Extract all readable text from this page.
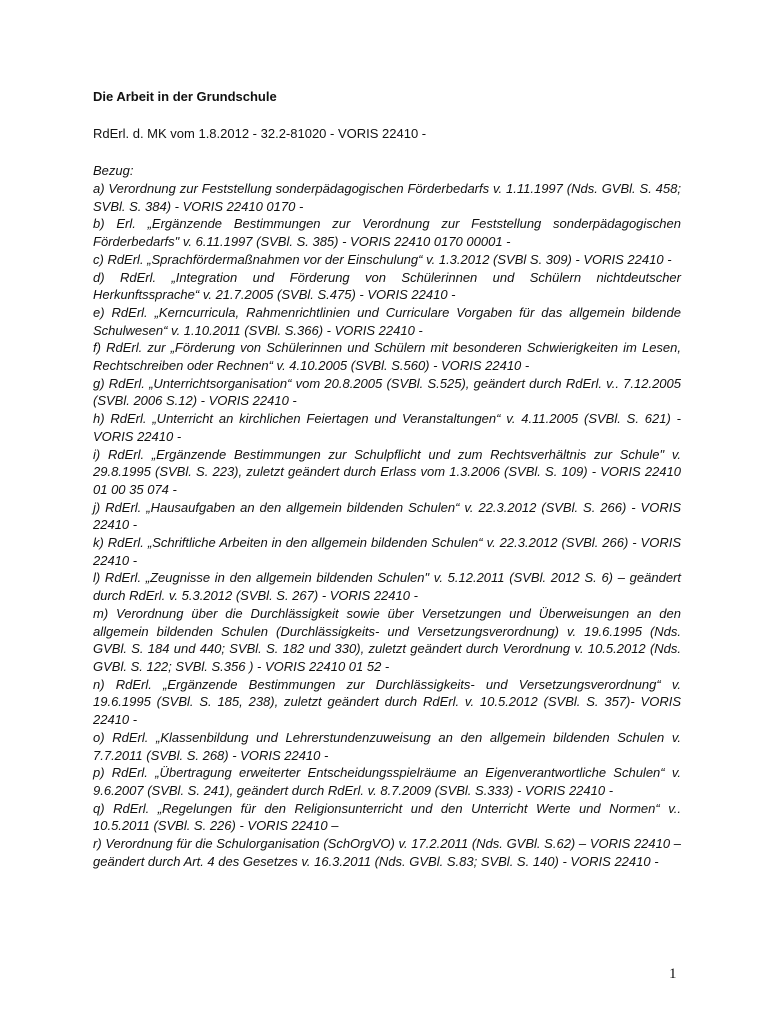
Die Arbeit in der Grundschule

RdErl. d. MK vom 1.8.2012 - 32.2-81020 - VORIS 22410 -

Bezug:

a) Verordnung zur Feststellung sonderpädagogischen Förderbedarfs v. 1.11.1997 (Nds. GVBl. S. 458; SVBl. S. 384) - VORIS 22410 0170 -
b) Erl. „Ergänzende Bestimmungen zur Verordnung zur Feststellung sonderpädagogischen Förderbedarfs" v. 6.11.1997 (SVBl. S. 385) - VORIS 22410 0170 00001 -
c) RdErl. „Sprachfördermaßnahmen vor der Einschulung“ v. 1.3.2012 (SVBl S. 309) - VORIS 22410 -
d) RdErl. „Integration und Förderung von Schülerinnen und Schülern nichtdeutscher Herkunftssprache“ v. 21.7.2005 (SVBl. S.475) - VORIS 22410 -
e) RdErl. „Kerncurricula, Rahmenrichtlinien und Curriculare Vorgaben für das allgemein bildende Schulwesen“ v. 1.10.2011 (SVBl. S.366) - VORIS 22410 -
f) RdErl. zur „Förderung von Schülerinnen und Schülern mit besonderen Schwierigkeiten im Lesen, Rechtschreiben oder Rechnen“ v. 4.10.2005 (SVBl. S.560) - VORIS 22410 -
g) RdErl. „Unterrichtsorganisation“ vom 20.8.2005 (SVBl. S.525), geändert durch RdErl. v.. 7.12.2005 (SVBl. 2006 S.12) - VORIS 22410 -
h) RdErl. „Unterricht an kirchlichen Feiertagen und Veranstaltungen“ v. 4.11.2005 (SVBl. S. 621) - VORIS 22410 -
i) RdErl. „Ergänzende Bestimmungen zur Schulpflicht und zum Rechtsverhältnis zur Schule" v. 29.8.1995 (SVBl. S. 223), zuletzt geändert durch Erlass vom 1.3.2006 (SVBl. S. 109) - VORIS 22410 01 00 35 074 -
j) RdErl. „Hausaufgaben an den allgemein bildenden Schulen“ v. 22.3.2012 (SVBl. S. 266) - VORIS 22410 -
k) RdErl. „Schriftliche Arbeiten in den allgemein bildenden Schulen“ v. 22.3.2012 (SVBl. 266) - VORIS 22410 -
l) RdErl. „Zeugnisse in den allgemein bildenden Schulen" v. 5.12.2011 (SVBl. 2012 S. 6) – geändert durch RdErl. v. 5.3.2012 (SVBl. S. 267) - VORIS 22410 -
m) Verordnung über die Durchlässigkeit sowie über Versetzungen und Überweisungen an den allgemein bildenden Schulen (Durchlässigkeits- und Versetzungsverordnung) v. 19.6.1995 (Nds. GVBl. S. 184 und 440; SVBl. S. 182 und 330), zuletzt geändert durch Verordnung v. 10.5.2012 (Nds. GVBl. S. 122; SVBl. S.356 ) - VORIS 22410 01 52 -
n) RdErl. „Ergänzende Bestimmungen zur Durchlässigkeits- und Versetzungsverordnung“ v. 19.6.1995 (SVBl. S. 185, 238), zuletzt geändert durch RdErl. v. 10.5.2012 (SVBl. S. 357)- VORIS 22410 -
o) RdErl. „Klassenbildung und Lehrerstundenzuweisung an den allgemein bildenden Schulen v. 7.7.2011 (SVBl. S. 268) - VORIS 22410 -
p) RdErl. „Übertragung erweiterter Entscheidungsspielräume an Eigenverantwortliche Schulen“ v. 9.6.2007 (SVBl. S. 241), geändert durch RdErl. v. 8.7.2009 (SVBl. S.333) - VORIS 22410 -
q) RdErl. „Regelungen für den Religionsunterricht und den Unterricht Werte und Normen“ v.. 10.5.2011 (SVBl. S. 226) - VORIS 22410 –
r) Verordnung für die Schulorganisation (SchOrgVO) v. 17.2.2011 (Nds. GVBl. S.62) – VORIS 22410 – geändert durch Art. 4 des Gesetzes v. 16.3.2011 (Nds. GVBl. S.83; SVBl. S. 140) - VORIS 22410 -
1
